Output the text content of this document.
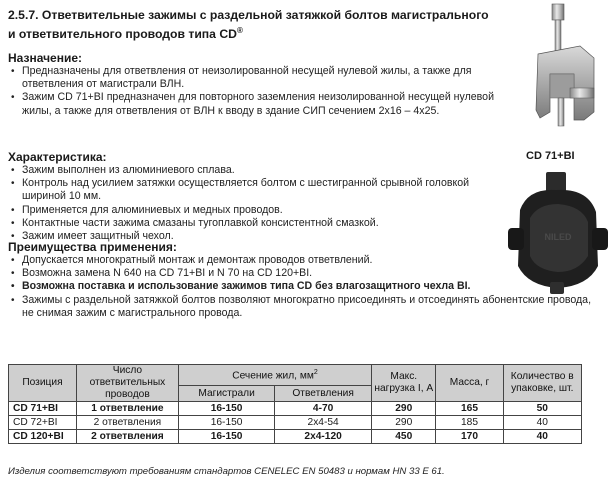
2.5.7. Ответвительные зажимы с раздельной затяжкой болтов магистрального
и ответвительного проводов типа CD®
CD 71+BI
NILED
Назначение:
• Предназначены для ответвления от неизолированной несущей нулевой жилы, а также для ответвления от магистрали ВЛН.
• Зажим CD 71+BI предназначен для повторного заземления неизолированной несущей нулевой жилы, а также для ответвления от ВЛН к вводу в здание СИП сечением 2х16 – 4х25.
Характеристика:
• Зажим выполнен из алюминиевого сплава.
• Контроль над усилием затяжки осуществляется болтом с шестигранной срывной головкой шириной 10 мм.
• Применяется для алюминиевых и медных проводов.
• Контактные части зажима смазаны тугоплавкой консистентной смазкой.
• Зажим имеет защитный чехол.
Преимущества применения:
• Допускается многократный монтаж и демонтаж проводов ответвлений.
• Возможна замена N 640 на CD 71+BI и N 70 на CD 120+BI.
• Возможна поставка и использование зажимов типа CD без влагозащитного чехла BI.
• Зажимы с раздельной затяжкой болтов позволяют многократно присоединять и отсоединять абонентские провода, не снимая зажим с магистрального провода.
Позиция	Число ответвительных проводов	Сечение жил, $мм^2$		Макс. нагрузка I, А	Масса, г	Количество в упаковке, шт.
		Магистрали	Ответвления			
CD 71+BI	1 ответвление	16-150	4-70	290	165	50
CD 72+BI	2 ответвления	16-150	2х4-54	290	185	40
CD 120+BI	2 ответвления	16-150	2х4-120	450	170	40
Изделия соответствуют требованиям стандартов CENELEC EN 50483 и нормам HN 33 E 61.
